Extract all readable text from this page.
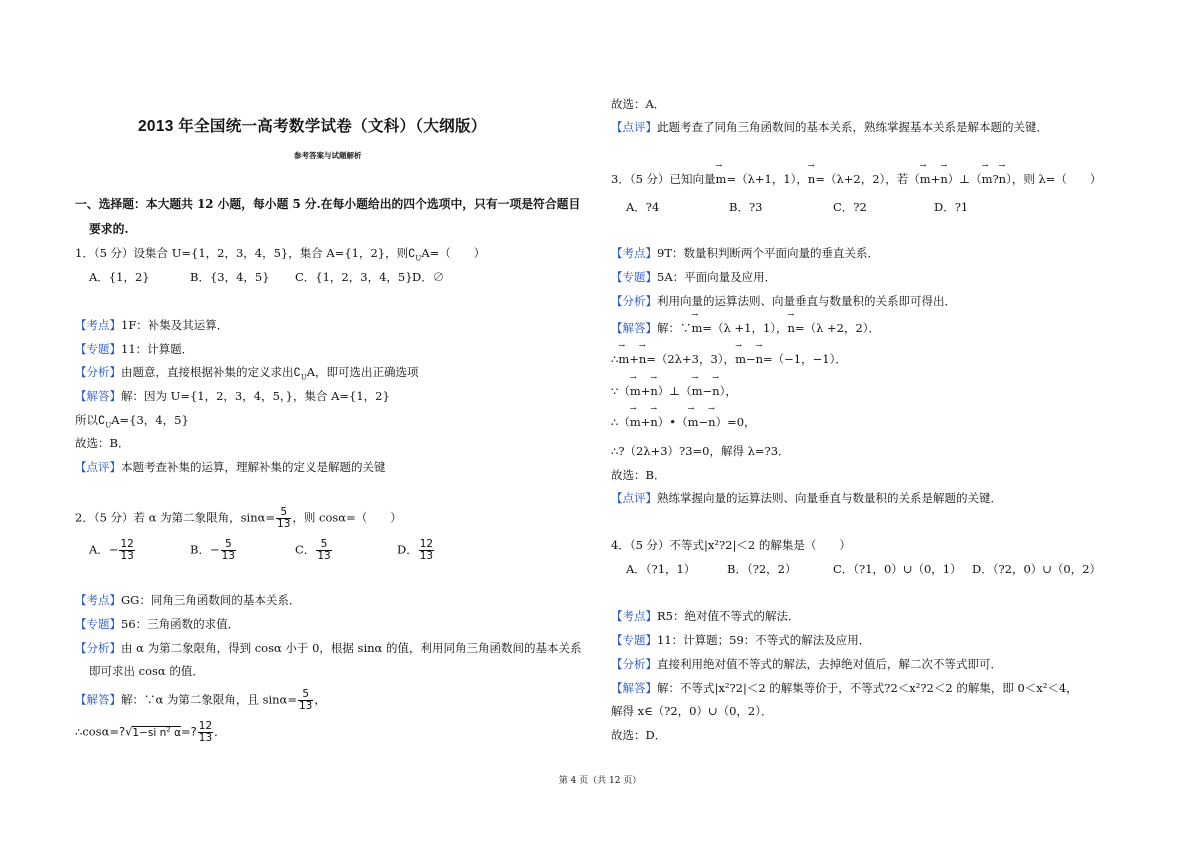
2013 年全国统一高考数学试卷（文科）（大纲版）
参考答案与试题解析
一、选择题：本大题共 12 小题，每小题 5 分.在每小题给出的四个选项中，只有一项是符合题目
要求的.
1．（5 分）设集合 U={1，2，3，4，5}，集合 A={1，2}，则$∁_UA=$（　　）
A．{1，2}	B．{3，4，5} C．{1，2，3，4，5} D．∅
【考点】1F：补集及其运算．
【专题】11：计算题．
【分析】由题意，直接根据补集的定义求出$∁_UA$，即可选出正确选项
【解答】解：因为 U={1，2，3，4，5，}，集合 A={1，2}
所以$∁_UA=\{3$，4，5}
故选：B．
【点评】本题考查补集的运算，理解补集的定义是解题的关键
2．（5 分）若 α 为第二象限角，$\sin\alpha= \frac{5}{13}$ ，则 cosα=（　　）
A．− $\frac{12}{13}$	B．− $\frac{5}{13}$	C． $\frac{5}{13}$	D． $\frac{12}{13}$
【考点】GG：同角三角函数间的基本关系．
【专题】56：三角函数的求值．
【分析】由 α 为第二象限角，得到 cosα 小于 0，根据 sinα 的值，利用同角三角函数间的基本关系
即可求出 cosα 的值．
【解答】解：∵α 为第二象限角，且 $\sin\alpha= \frac{5}{13}$ ，
∴cosα=?√1−si $n^2$ α=? $\frac{12}{13}$ ．
故选：A．
【点评】此题考查了同角三角函数间的基本关系，熟练掌握基本关系是解本题的关键．
3．（5 分）已知向量→ m=（λ+1，1），→ n=（λ+2，2），若（→ m+→ n）⊥（→ m?→ n），则 λ=（　　）
A．?4	B．?3	C．?2	D．?1
【考点】9T：数量积判断两个平面向量的垂直关系．
【专题】5A：平面向量及应用．
【分析】利用向量的运算法则、向量垂直与数量积的关系即可得出．
【解答】解：∵→ m=（λ +1，1），→ n=（λ +2，2）．
∴→ m+→ n=（2λ+3，3），→ m−→ n=（−1，−1）．
∵（→ m+→ n）⊥（→ m−→ n），
∴（→ m+→ n）•（→ m−→ n）=0，
∴?（2λ+3）?3=0，解得 λ=?3．
故选：B．
【点评】熟练掌握向量的运算法则、向量垂直与数量积的关系是解题的关键．
4．（5 分）不等式|x²?2|＜2 的解集是（　　）
A．（?1，1）	B．（?2，2）	C．（?1，0）∪（0，1） D．（?2，0）∪（0，2）
【考点】R5：绝对值不等式的解法．
【专题】11：计算题；59：不等式的解法及应用．
【分析】直接利用绝对值不等式的解法，去掉绝对值后，解二次不等式即可．
【解答】解：不等式|x²?2|＜2 的解集等价于，不等式?2＜x²?2＜2 的解集，即 0＜x²＜4，
解得 x∈（?2，0）∪（0，2）．
故选：D．
第 4 页（共 12 页）
